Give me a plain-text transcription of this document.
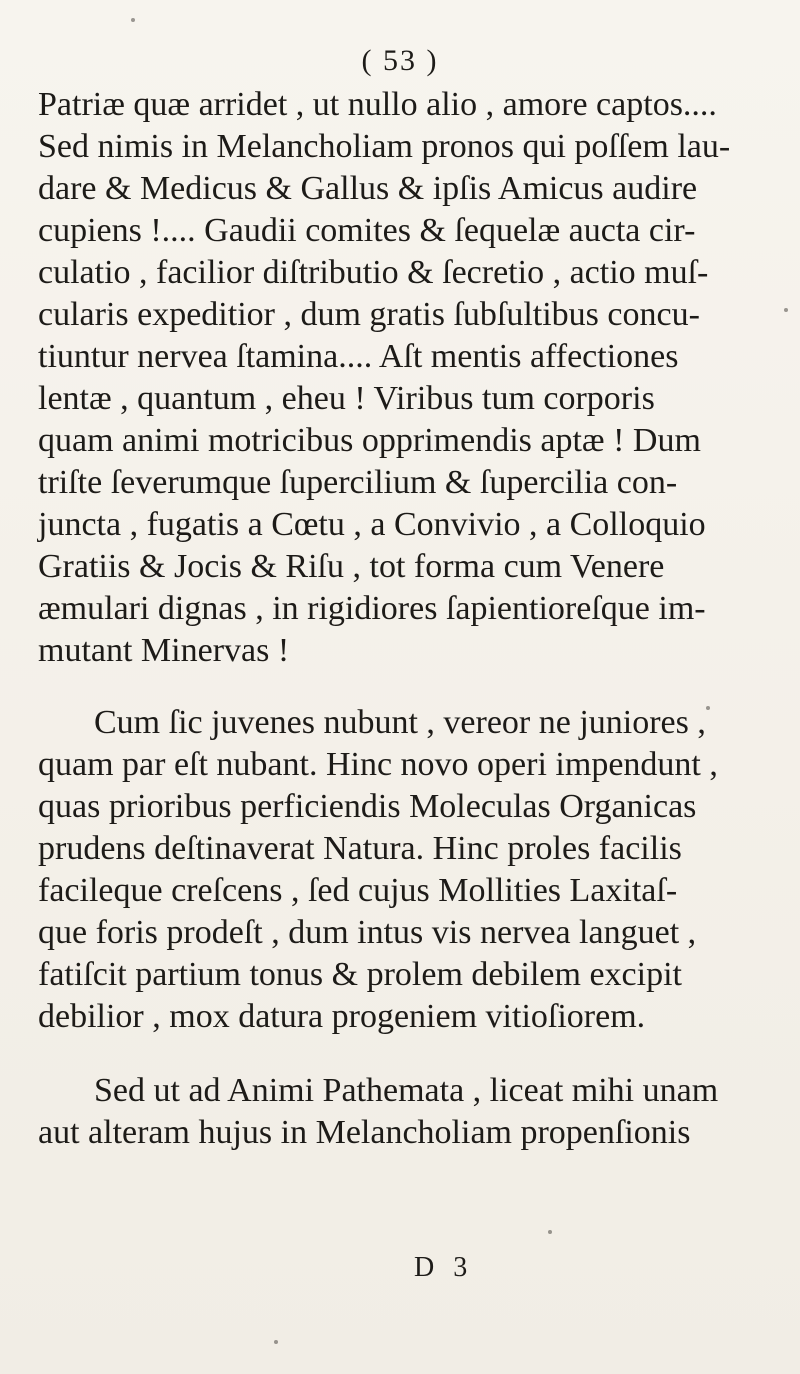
( 53 )
Patriæ quæ arridet , ut nullo alio , amore captos....
Sed nimis in Melancholiam pronos qui poſſem lau-
dare & Medicus & Gallus & ipſis Amicus audire
cupiens !.... Gaudii comites & ſequelæ aucta cir-
culatio , facilior diſtributio & ſecretio , actio muſ-
cularis expeditior , dum gratis ſubſultibus concu-
tiuntur nervea ſtamina.... Aſt mentis affectiones
lentæ , quantum , eheu ! Viribus tum corporis
quam animi motricibus opprimendis aptæ ! Dum
triſte ſeverumque ſupercilium & ſupercilia con-
juncta , fugatis a Cœtu , a Convivio , a Colloquio
Gratiis & Jocis & Riſu , tot forma cum Venere
æmulari dignas , in rigidiores ſapientioreſque im-
mutant Minervas !
Cum ſic juvenes nubunt , vereor ne juniores ,
quam par eſt nubant. Hinc novo operi impendunt ,
quas prioribus perficiendis Moleculas Organicas
prudens deſtinaverat Natura. Hinc proles facilis
facileque creſcens , ſed cujus Mollities Laxitaſ-
que foris prodeſt , dum intus vis nervea languet ,
fatiſcit partium tonus & prolem debilem excipit
debilior , mox datura progeniem vitioſiorem.
Sed ut ad Animi Pathemata , liceat mihi unam
aut alteram hujus in Melancholiam propenſionis
D 3
